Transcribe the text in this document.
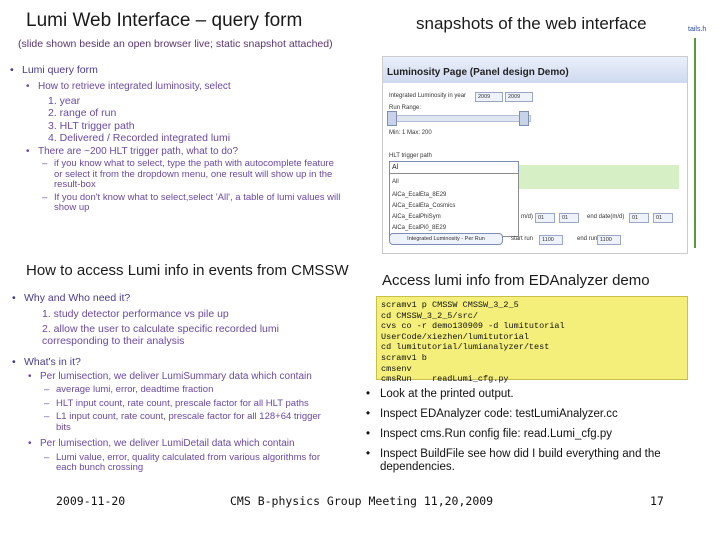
Lumi Web Interface – query form
(slide shown beside an open browser live; static snapshot attached)
• Lumi query form
• How to retrieve integrated luminosity, select
1. year
2. range of run
3. HLT trigger path
4. Delivered / Recorded integrated lumi
• There are ~200 HLT trigger path, what to do?
– if you know what to select, type the path with autocomplete feature or select it from the dropdown menu, one result will show up in the result-box
– If you don't know what to select,select 'All', a table of lumi values will show up
snapshots of the web interface	tails.h
Luminosity Page (Panel design Demo)
Integrated Luminosity in year	2009	2009
Run Range:
Min: 1 Max: 200
HLT trigger path
Al
All
AlCa_EcalEta_8E29
AlCa_EcalEta_Cosmics
AlCa_EcalPhiSym
AlCa_EcalPi0_8E29
m/d) 01	01	end date(m/d)	01	01
Integrated Luminosity - Per Run	start run	1100	end run 1100
How to access Lumi info in events from CMSSW
• Why and Who need it?
1. study detector performance vs pile up
2. allow the user to calculate specific recorded lumi corresponding to their analysis
• What's in it?
• Per lumisection, we deliver LumiSummary data which contain
– average lumi, error, deadtime fraction
– HLT input count, rate count, prescale factor for all HLT paths
– L1 input count, rate count, prescale factor for all 128+64 trigger bits
• Per lumisection, we deliver LumiDetail data which contain
– Lumi value, error, quality calculated from various algorithms for each bunch crossing
Access lumi info from EDAnalyzer demo
scramv1 p CMSSW CMSSW_3_2_5
cd CMSSW_3_2_5/src/
cvs co -r demo130909 -d lumitutorial UserCode/xiezhen/lumitutorial
cd lumitutorial/lumianalyzer/test
scramv1 b
cmsenv
cmsRun    readLumi_cfg.py
• Look at the printed output.
• Inspect EDAnalyzer code: testLumiAnalyzer.cc
• Inspect cms.Run config file: read.Lumi_cfg.py
• Inspect BuildFile see how did I build everything and the dependencies.
2009-11-20	CMS B-physics Group Meeting 11,20,2009	17
